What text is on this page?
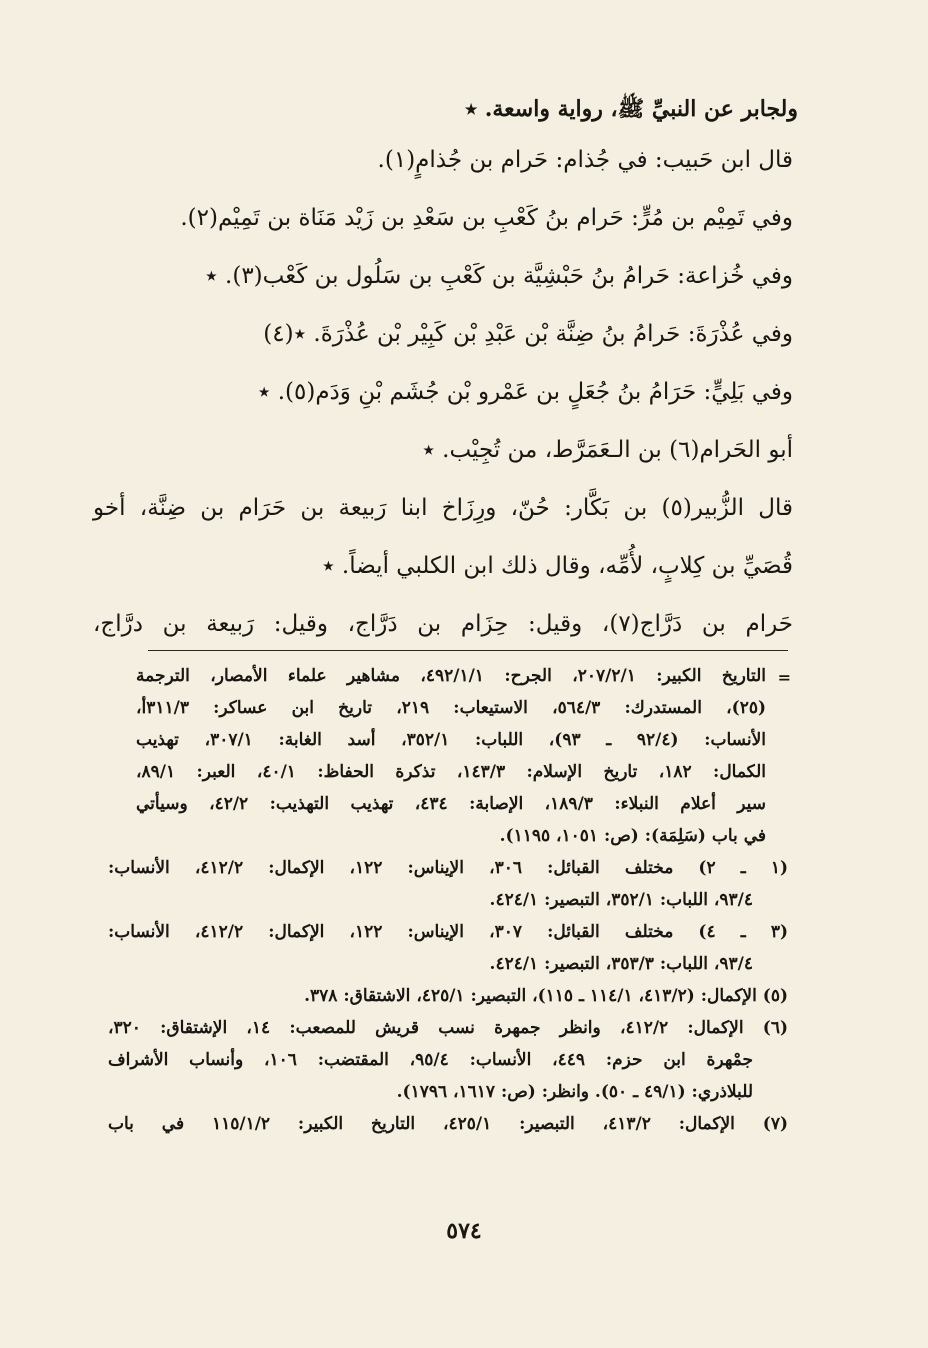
ولجابر عن النبيِّ ﷺ، رواية واسعة. ٭
قال ابن حَبيب: في جُذام: حَرام بن جُذامٍ(١).
وفي تَمِيْم بن مُرٍّ: حَرام بنُ كَعْبِ بن سَعْدِ بن زَيْد مَنَاة بن تَمِيْم(٢).
وفي خُزاعة: حَرامُ بنُ حَبْشِيَّة بن كَعْبِ بن سَلُول بن كَعْب(٣). ٭
وفي عُذْرَةَ: حَرامُ بنُ ضِنَّة بْن عَبْدِ بْن كَبِيْر بْن عُذْرَةَ. ٭(٤)
وفي بَلِيٍّ: حَرَامُ بنُ جُعَلٍ بن عَمْرو بْن جُشَم بْنِ وَدَم(٥). ٭
أبو الحَرام(٦) بن الـعَمَرَّط، من تُجِيْب. ٭
قال الزُّبير(٥) بن بَكَّار: حُنّ، ورِزَاخ ابنا رَبيعة بن حَرَام بن ضِنَّة، أخو
قُصَيِّ بن كِلابٍ، لأُمِّه، وقال ذلك ابن الكلبي أيضاً. ٭
حَرام بن دَرَّاج(٧)، وقيل: حِزَام بن دَرَّاج، وقيل: رَبيعة بن درَّاج،
=
التاريخ الكبير: ٢٠٧/٢/١، الجرح: ٤٩٢/١/١، مشاهير علماء الأمصار، الترجمة
(٢٥)، المستدرك: ٥٦٤/٣، الاستيعاب: ٢١٩، تاريخ ابن عساكر: ٣١١/٣أ،
الأنساب: (٩٢/٤ ـ ٩٣)، اللباب: ٣٥٢/١، أسد الغابة: ٣٠٧/١، تهذيب
الكمال: ١٨٢، تاريخ الإسلام: ١٤٣/٣، تذكرة الحفاظ: ٤٠/١، العبر: ٨٩/١،
سير أعلام النبلاء: ١٨٩/٣، الإصابة: ٤٣٤، تهذيب التهذيب: ٤٢/٢، وسيأتي
في باب (سَلِمَة): (ص: ١٠٥١، ١١٩٥).
(١ ـ ٢) مختلف القبائل: ٣٠٦، الإيناس: ١٢٢، الإكمال: ٤١٢/٢، الأنساب:
٩٣/٤، اللباب: ٣٥٢/١، التبصير: ٤٢٤/١.
(٣ ـ ٤) مختلف القبائل: ٣٠٧، الإيناس: ١٢٢، الإكمال: ٤١٢/٢، الأنساب:
٩٣/٤، اللباب: ٣٥٣/٣، التبصير: ٤٢٤/١.
(٥) الإكمال: (٤١٣/٢، ١١٤/١ ـ ١١٥)، التبصير: ٤٢٥/١، الاشتقاق: ٣٧٨.
(٦) الإكمال: ٤١٢/٢، وانظر جمهرة نسب قريش للمصعب: ١٤، الإشتقاق: ٣٢٠،
جمْهرة ابن حزم: ٤٤٩، الأنساب: ٩٥/٤، المقتضب: ١٠٦، وأنساب الأشراف
للبلاذري: (٤٩/١ ـ ٥٠). وانظر: (ص: ١٦١٧، ١٧٩٦).
(٧) الإكمال: ٤١٣/٢، التبصير: ٤٢٥/١، التاريخ الكبير: ١١٥/١/٢ في باب
٥٧٤
